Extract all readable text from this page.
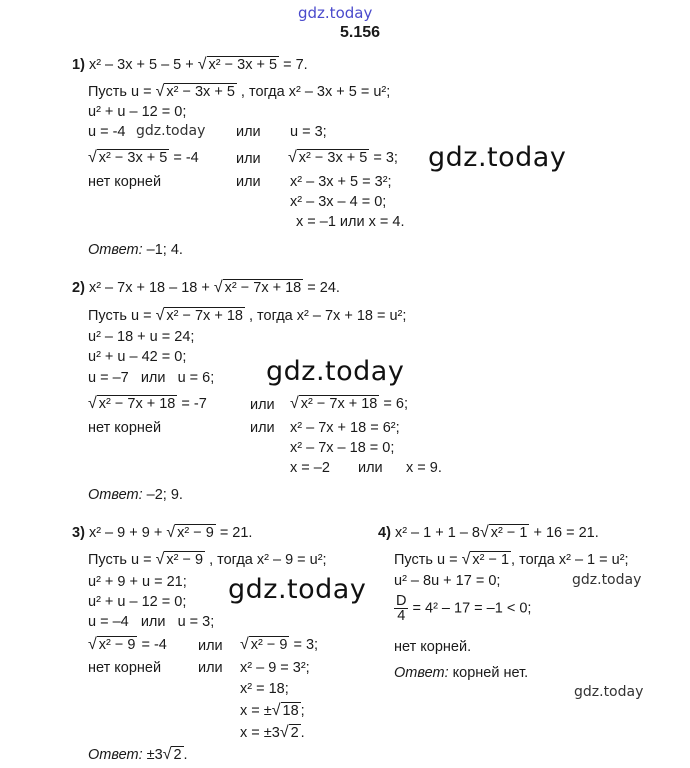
gdz.today
5.156
1) x² – 3x + 5 – 5 + √ x² − 3x + 5 = 7.
Пусть u = √ x² − 3x + 5 , тогда x² – 3x + 5 = u²;
u² + u – 12 = 0;
u = -4 gdz.today или u = 3;
√ x² − 3x + 5 = -4	или √ x² − 3x + 5 = 3; gdz.today
нет корней	или x² – 3x + 5 = 3²;
x² – 3x – 4 = 0;
x = –1 или x = 4.
Ответ: –1; 4.
2) x² – 7x + 18 – 18 + √ x² − 7x + 18 = 24.
Пусть u = √ x² − 7x + 18 , тогда x² – 7x + 18 = u²;
u² – 18 + u = 24;
u² + u – 42 = 0;
u = –7 или u = 6; gdz.today
√ x² − 7x + 18 = -7	или √ x² − 7x + 18 = 6;
нет корней	или x² – 7x + 18 = 6²;
x² – 7x – 18 = 0;
x = –2 или x = 9.
Ответ: –2; 9.
3) x² – 9 + 9 + √ x² − 9 = 21.
Пусть u = √ x² − 9 , тогда x² – 9 = u²;
u² + 9 + u = 21;
u² + u – 12 = 0; gdz.today
u = –4 или u = 3;
√ x² − 9 = -4 или √ x² − 9 = 3;
нет корней	или x² – 9 = 3²;
x² = 18;
x = ±√ 18 ;
x = ±3√ 2 .
Ответ: ±3√ 2 .
4) x² – 1 + 1 – 8√ x² − 1 + 16 = 21.
Пусть u = √ x² − 1 , тогда x² – 1 = u²;
u² – 8u + 17 = 0;	gdz.today
$\frac{D}{4} = 4^2 - 17 = -1 < 0$;
нет корней.
Ответ: корней нет.
gdz.today
